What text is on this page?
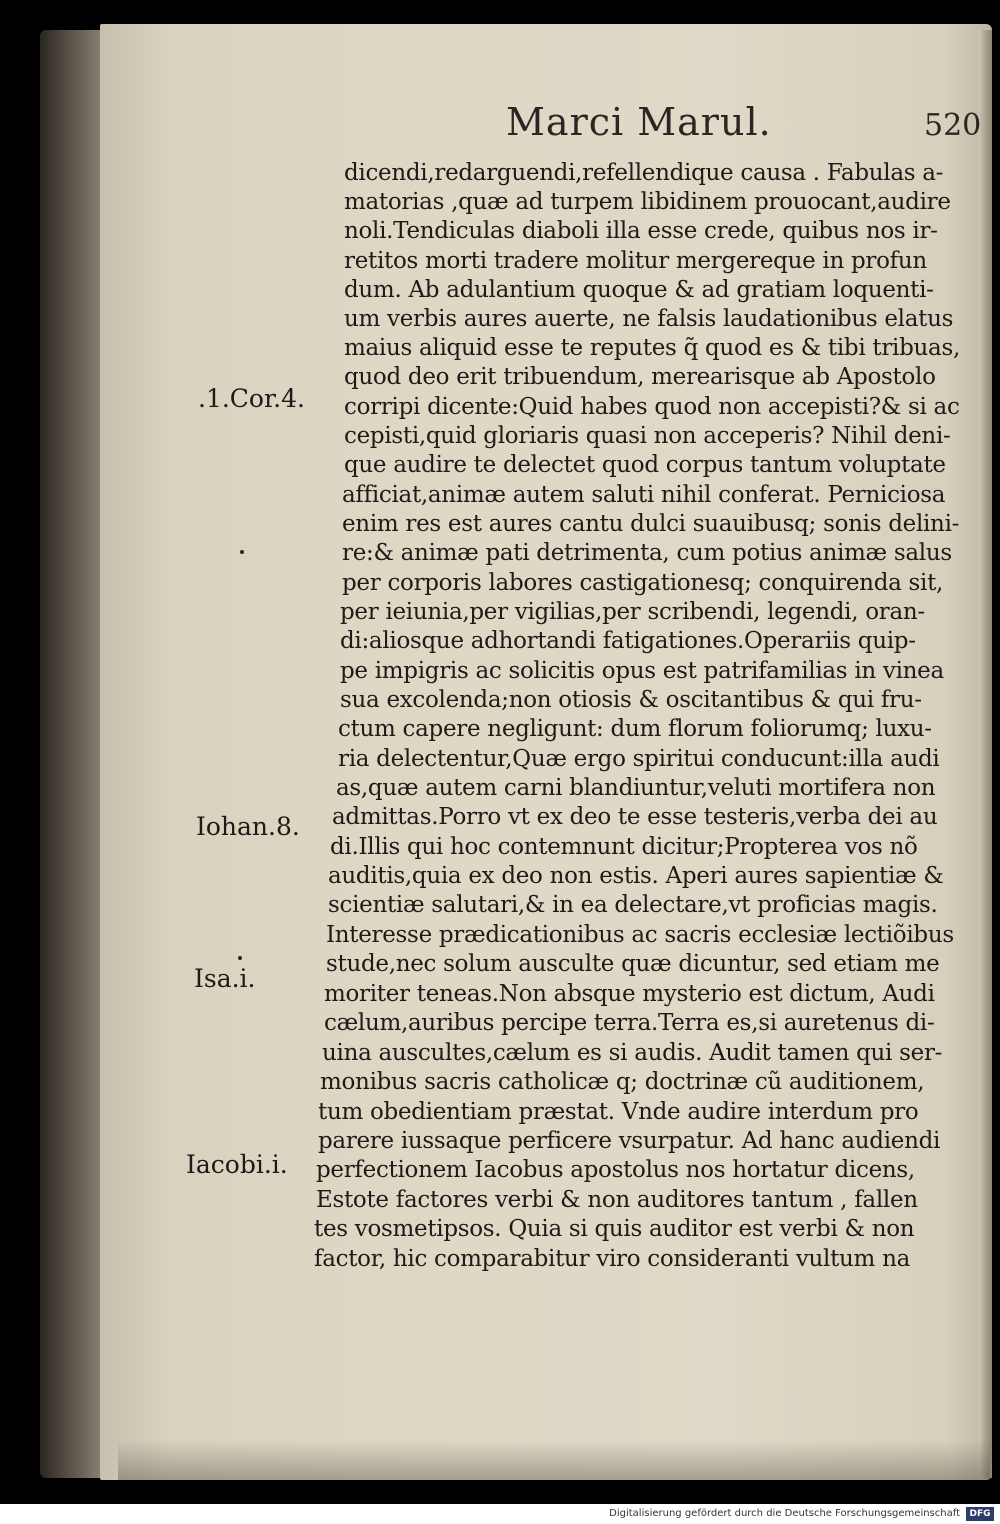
Marci Marul.	520
.1.Cor.4.
Iohan.8.
Isa.i.
Iacobi.i.
dicendi,redarguendi,refellendique causa . Fabulas a-
matorias ,quæ ad turpem libidinem prouocant,audire
noli.Tendiculas diaboli illa esse crede, quibus nos ir-
retitos morti tradere molitur mergereque in profun
dum. Ab adulantium quoque & ad gratiam loquenti-
um verbis aures auerte, ne falsis laudationibus elatus
maius aliquid esse te reputes q̃ quod es & tibi tribuas,
quod deo erit tribuendum, merearisque ab Apostolo
corripi dicente:Quid habes quod non accepisti?& si ac
cepisti,quid gloriaris quasi non acceperis? Nihil deni-
que audire te delectet quod corpus tantum voluptate
afficiat,animæ autem saluti nihil conferat. Perniciosa
enim res est aures cantu dulci suauibusq; sonis delini-
re:& animæ pati detrimenta, cum potius animæ salus
per corporis labores castigationesq; conquirenda sit,
per ieiunia,per vigilias,per scribendi, legendi, oran-
di:aliosque adhortandi fatigationes.Operariis quip-
pe impigris ac solicitis opus est patrifamilias in vinea
sua excolenda;non otiosis & oscitantibus & qui fru-
ctum capere negligunt: dum florum foliorumq; luxu-
ria delectentur,Quæ ergo spiritui conducunt:illa audi
as,quæ autem carni blandiuntur,veluti mortifera non
admittas.Porro vt ex deo te esse testeris,verba dei au
di.Illis qui hoc contemnunt dicitur;Propterea vos nõ
auditis,quia ex deo non estis. Aperi aures sapientiæ &
scientiæ salutari,& in ea delectare,vt proficias magis.
Interesse prædicationibus ac sacris ecclesiæ lectiõibus
stude,nec solum ausculte quæ dicuntur, sed etiam me
moriter teneas.Non absque mysterio est dictum, Audi
cælum,auribus percipe terra.Terra es,si auretenus di-
uina auscultes,cælum es si audis. Audit tamen qui ser-
monibus sacris catholicæ q; doctrinæ cũ auditionem,
tum obedientiam præstat. Vnde audire interdum pro
parere iussaque perficere vsurpatur. Ad hanc audiendi
perfectionem Iacobus apostolus nos hortatur dicens,
Estote factores verbi & non auditores tantum , fallen
tes vosmetipsos. Quia si quis auditor est verbi & non
factor, hic comparabitur viro consideranti vultum na
Digitalisierung gefördert durch die Deutsche Forschungsgemeinschaft	DFG
